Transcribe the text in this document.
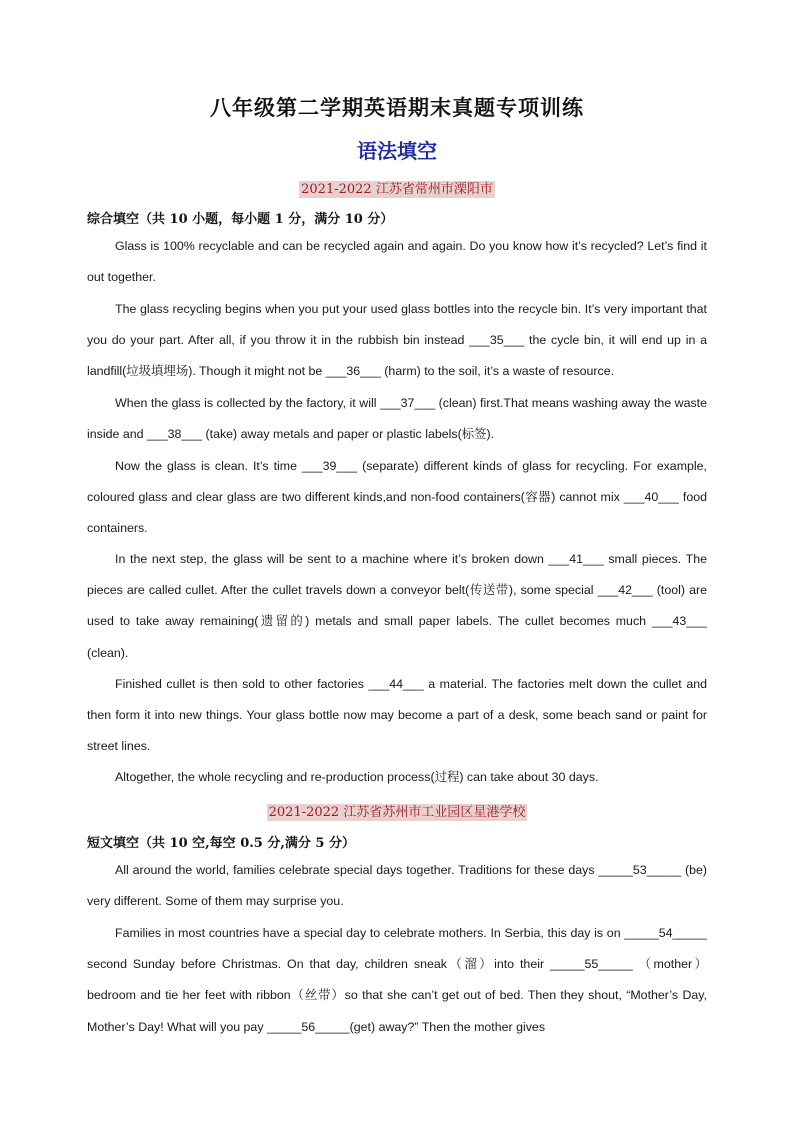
八年级第二学期英语期末真题专项训练
语法填空
2021-2022 江苏省常州市溧阳市
综合填空（共 10 小题，每小题 1 分，满分 10 分）

Glass is 100% recyclable and can be recycled again and again. Do you know how it’s recycled? Let’s find it out together.

The glass recycling begins when you put your used glass bottles into the recycle bin. It’s very important that you do your part. After all, if you throw it in the rubbish bin instead ___35___ the cycle bin, it will end up in a landfill(垃圾填埋场). Though it might not be ___36___ (harm) to the soil, it’s a waste of resource.

When the glass is collected by the factory, it will ___37___ (clean) first.That means washing away the waste inside and ___38___ (take) away metals and paper or plastic labels(标签).

Now the glass is clean. It’s time ___39___ (separate) different kinds of glass for recycling. For example, coloured glass and clear glass are two different kinds,and non-food containers(容器) cannot mix ___40___ food containers.

In the next step, the glass will be sent to a machine where it’s broken down ___41___ small pieces. The pieces are called cullet. After the cullet travels down a conveyor belt(传送带), some special ___42___ (tool) are used to take away remaining(遗留的) metals and small paper labels. The cullet becomes much ___43___ (clean).

Finished cullet is then sold to other factories ___44___ a material. The factories melt down the cullet and then form it into new things. Your glass bottle now may become a part of a desk, some beach sand or paint for street lines.

Altogether, the whole recycling and re-production process(过程) can take about 30 days.

2021-2022 江苏省苏州市工业园区星港学校
短文填空（共 10 空,每空 0.5 分,满分 5 分）

All around the world, families celebrate special days together. Traditions for these days _____53_____ (be) very different. Some of them may surprise you.

Families in most countries have a special day to celebrate mothers. In Serbia, this day is on _____54_____ second Sunday before Christmas. On that day, children sneak（溜）into their _____55_____ （mother）bedroom and tie her feet with ribbon（丝带）so that she can’t get out of bed. Then they shout, “Mother’s Day, Mother’s Day! What will you pay _____56_____(get) away?” Then the mother gives
